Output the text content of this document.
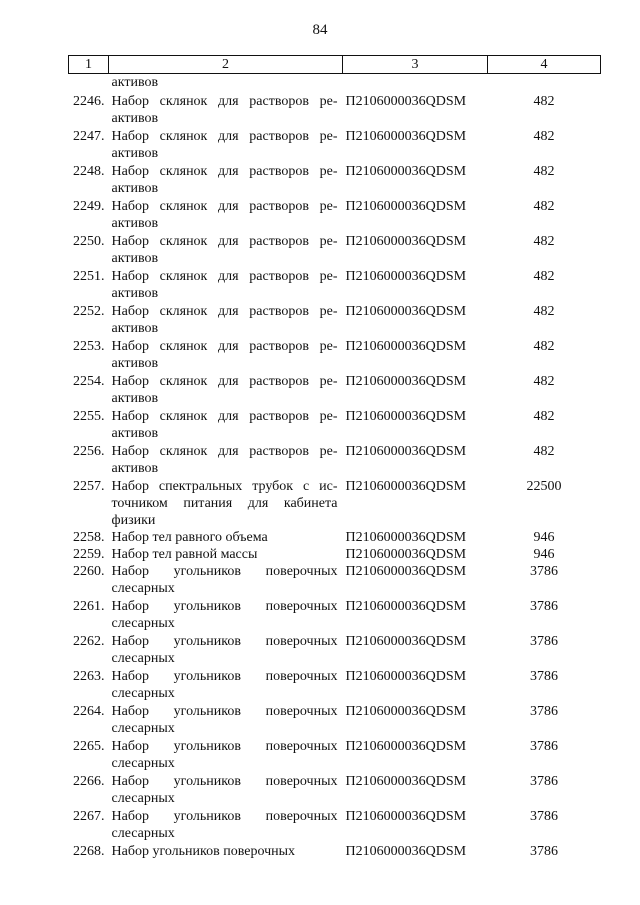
84
1	2	3	4
	активов		
2246.	Набор склянок для растворов ре-активов	П2106000036QDSM	482
2247.	Набор склянок для растворов ре-активов	П2106000036QDSM	482
2248.	Набор склянок для растворов ре-активов	П2106000036QDSM	482
2249.	Набор склянок для растворов ре-активов	П2106000036QDSM	482
2250.	Набор склянок для растворов ре-активов	П2106000036QDSM	482
2251.	Набор склянок для растворов ре-активов	П2106000036QDSM	482
2252.	Набор склянок для растворов ре-активов	П2106000036QDSM	482
2253.	Набор склянок для растворов ре-активов	П2106000036QDSM	482
2254.	Набор склянок для растворов ре-активов	П2106000036QDSM	482
2255.	Набор склянок для растворов ре-активов	П2106000036QDSM	482
2256.	Набор склянок для растворов ре-активов	П2106000036QDSM	482
2257.	Набор спектральных трубок с ис-точником питания для кабинета физики	П2106000036QDSM	22500
2258.	Набор тел равного объема	П2106000036QDSM	946
2259.	Набор тел равной массы	П2106000036QDSM	946
2260.	Набор угольников поверочных слесарных	П2106000036QDSM	3786
2261.	Набор угольников поверочных слесарных	П2106000036QDSM	3786
2262.	Набор угольников поверочных слесарных	П2106000036QDSM	3786
2263.	Набор угольников поверочных слесарных	П2106000036QDSM	3786
2264.	Набор угольников поверочных слесарных	П2106000036QDSM	3786
2265.	Набор угольников поверочных слесарных	П2106000036QDSM	3786
2266.	Набор угольников поверочных слесарных	П2106000036QDSM	3786
2267.	Набор угольников поверочных слесарных	П2106000036QDSM	3786
2268.	Набор угольников поверочных	П2106000036QDSM	3786
